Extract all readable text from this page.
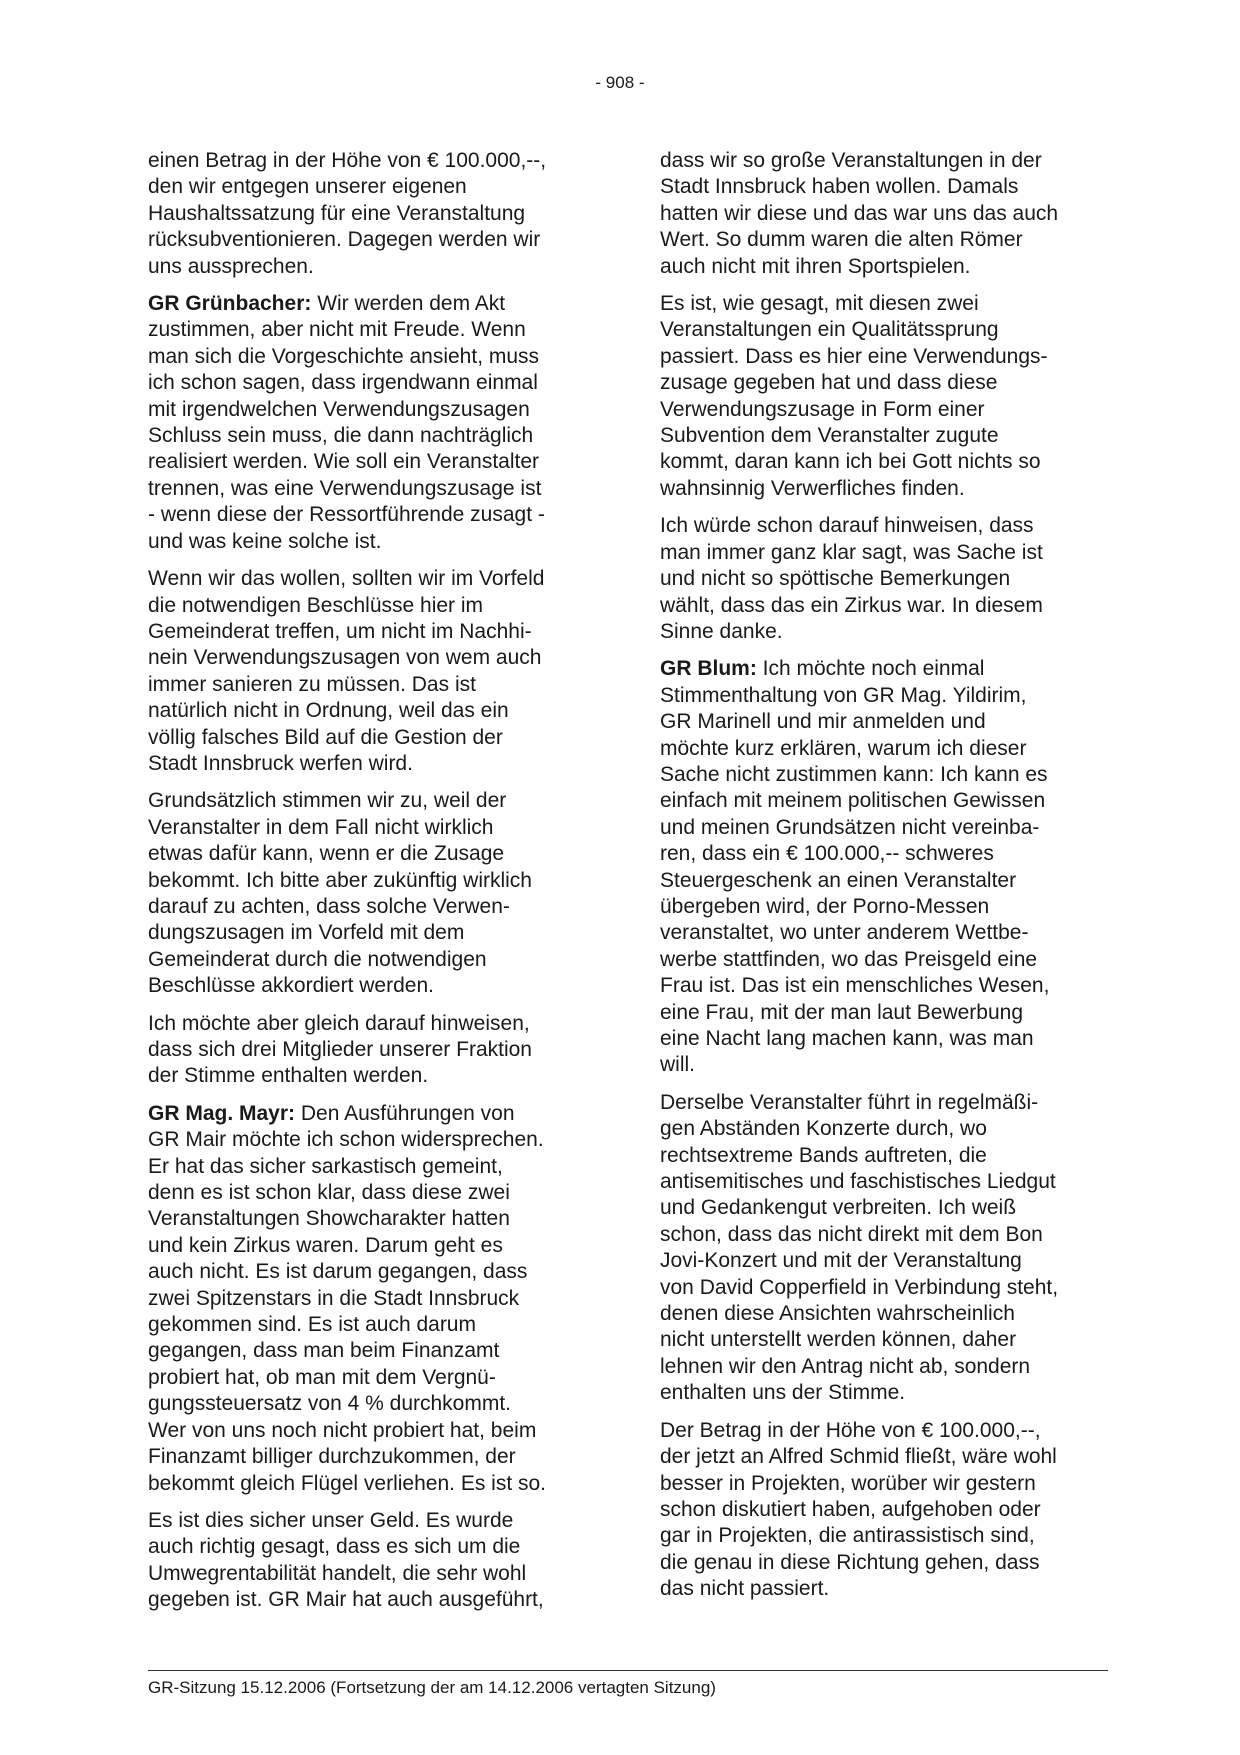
- 908 -

einen Betrag in der Höhe von € 100.000,--,
den wir entgegen unserer eigenen
Haushaltssatzung für eine Veranstaltung
rücksubventionieren. Dagegen werden wir
uns aussprechen.

GR Grünbacher: Wir werden dem Akt
zustimmen, aber nicht mit Freude. Wenn
man sich die Vorgeschichte ansieht, muss
ich schon sagen, dass irgendwann einmal
mit irgendwelchen Verwendungszusagen
Schluss sein muss, die dann nachträglich
realisiert werden. Wie soll ein Veranstalter
trennen, was eine Verwendungszusage ist
- wenn diese der Ressortführende zusagt -
und was keine solche ist.

Wenn wir das wollen, sollten wir im Vorfeld
die notwendigen Beschlüsse hier im
Gemeinderat treffen, um nicht im Nachhi-
nein Verwendungszusagen von wem auch
immer sanieren zu müssen. Das ist
natürlich nicht in Ordnung, weil das ein
völlig falsches Bild auf die Gestion der
Stadt Innsbruck werfen wird.

Grundsätzlich stimmen wir zu, weil der
Veranstalter in dem Fall nicht wirklich
etwas dafür kann, wenn er die Zusage
bekommt. Ich bitte aber zukünftig wirklich
darauf zu achten, dass solche Verwen-
dungszusagen im Vorfeld mit dem
Gemeinderat durch die notwendigen
Beschlüsse akkordiert werden.

Ich möchte aber gleich darauf hinweisen,
dass sich drei Mitglieder unserer Fraktion
der Stimme enthalten werden.

GR Mag. Mayr: Den Ausführungen von
GR Mair möchte ich schon widersprechen.
Er hat das sicher sarkastisch gemeint,
denn es ist schon klar, dass diese zwei
Veranstaltungen Showcharakter hatten
und kein Zirkus waren. Darum geht es
auch nicht. Es ist darum gegangen, dass
zwei Spitzenstars in die Stadt Innsbruck
gekommen sind. Es ist auch darum
gegangen, dass man beim Finanzamt
probiert hat, ob man mit dem Vergnü-
gungssteuersatz von 4 % durchkommt.
Wer von uns noch nicht probiert hat, beim
Finanzamt billiger durchzukommen, der
bekommt gleich Flügel verliehen. Es ist so.

Es ist dies sicher unser Geld. Es wurde
auch richtig gesagt, dass es sich um die
Umwegrentabilität handelt, die sehr wohl
gegeben ist. GR Mair hat auch ausgeführt,

dass wir so große Veranstaltungen in der
Stadt Innsbruck haben wollen. Damals
hatten wir diese und das war uns das auch
Wert. So dumm waren die alten Römer
auch nicht mit ihren Sportspielen.

Es ist, wie gesagt, mit diesen zwei
Veranstaltungen ein Qualitätssprung
passiert. Dass es hier eine Verwendungs-
zusage gegeben hat und dass diese
Verwendungszusage in Form einer
Subvention dem Veranstalter zugute
kommt, daran kann ich bei Gott nichts so
wahnsinnig Verwerfliches finden.

Ich würde schon darauf hinweisen, dass
man immer ganz klar sagt, was Sache ist
und nicht so spöttische Bemerkungen
wählt, dass das ein Zirkus war. In diesem
Sinne danke.

GR Blum: Ich möchte noch einmal
Stimmenthaltung von GR Mag. Yildirim,
GR Marinell und mir anmelden und
möchte kurz erklären, warum ich dieser
Sache nicht zustimmen kann: Ich kann es
einfach mit meinem politischen Gewissen
und meinen Grundsätzen nicht vereinba-
ren, dass ein € 100.000,-- schweres
Steuergeschenk an einen Veranstalter
übergeben wird, der Porno-Messen
veranstaltet, wo unter anderem Wettbe-
werbe stattfinden, wo das Preisgeld eine
Frau ist. Das ist ein menschliches Wesen,
eine Frau, mit der man laut Bewerbung
eine Nacht lang machen kann, was man
will.

Derselbe Veranstalter führt in regelmäßi-
gen Abständen Konzerte durch, wo
rechtsextreme Bands auftreten, die
antisemitisches und faschistisches Liedgut
und Gedankengut verbreiten. Ich weiß
schon, dass das nicht direkt mit dem Bon
Jovi-Konzert und mit der Veranstaltung
von David Copperfield in Verbindung steht,
denen diese Ansichten wahrscheinlich
nicht unterstellt werden können, daher
lehnen wir den Antrag nicht ab, sondern
enthalten uns der Stimme.

Der Betrag in der Höhe von € 100.000,--,
der jetzt an Alfred Schmid fließt, wäre wohl
besser in Projekten, worüber wir gestern
schon diskutiert haben, aufgehoben oder
gar in Projekten, die antirassistisch sind,
die genau in diese Richtung gehen, dass
das nicht passiert.

GR-Sitzung 15.12.2006 (Fortsetzung der am 14.12.2006 vertagten Sitzung)
